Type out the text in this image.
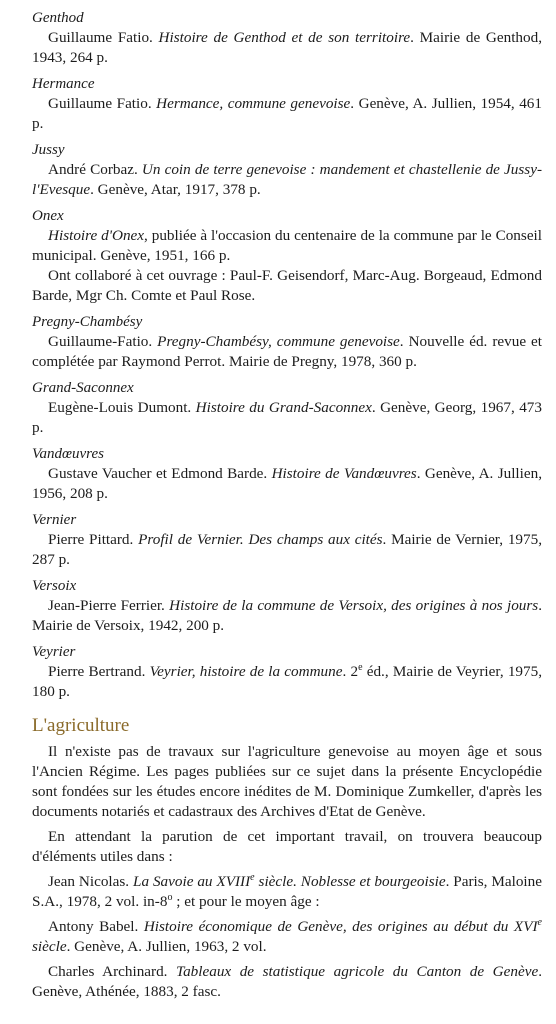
Genthod

Guillaume Fatio. Histoire de Genthod et de son territoire. Mairie de Genthod, 1943, 264 p.

Hermance

Guillaume Fatio. Hermance, commune genevoise. Genève, A. Jullien, 1954, 461 p.

Jussy

André Corbaz. Un coin de terre genevoise : mandement et chastellenie de Jussy-l'Evesque. Genève, Atar, 1917, 378 p.

Onex

Histoire d'Onex, publiée à l'occasion du centenaire de la commune par le Conseil municipal. Genève, 1951, 166 p.

Ont collaboré à cet ouvrage : Paul-F. Geisendorf, Marc-Aug. Borgeaud, Edmond Barde, Mgr Ch. Comte et Paul Rose.

Pregny-Chambésy

Guillaume-Fatio. Pregny-Chambésy, commune genevoise. Nouvelle éd. revue et complétée par Raymond Perrot. Mairie de Pregny, 1978, 360 p.

Grand-Saconnex

Eugène-Louis Dumont. Histoire du Grand-Saconnex. Genève, Georg, 1967, 473 p.

Vandœuvres

Gustave Vaucher et Edmond Barde. Histoire de Vandœuvres. Genève, A. Jullien, 1956, 208 p.

Vernier

Pierre Pittard. Profil de Vernier. Des champs aux cités. Mairie de Vernier, 1975, 287 p.

Versoix

Jean-Pierre Ferrier. Histoire de la commune de Versoix, des origines à nos jours. Mairie de Versoix, 1942, 200 p.

Veyrier

Pierre Bertrand. Veyrier, histoire de la commune. 2e éd., Mairie de Veyrier, 1975, 180 p.

L'agriculture

Il n'existe pas de travaux sur l'agriculture genevoise au moyen âge et sous l'Ancien Régime. Les pages publiées sur ce sujet dans la présente Encyclopédie sont fondées sur les études encore inédites de M. Dominique Zumkeller, d'après les documents notariés et cadastraux des Archives d'Etat de Genève.

En attendant la parution de cet important travail, on trouvera beaucoup d'éléments utiles dans :

Jean Nicolas. La Savoie au XVIIIe siècle. Noblesse et bourgeoisie. Paris, Maloine S.A., 1978, 2 vol. in-8$^o$ ; et pour le moyen âge :

Antony Babel. Histoire économique de Genève, des origines au début du XVIe siècle. Genève, A. Jullien, 1963, 2 vol.

Charles Archinard. Tableaux de statistique agricole du Canton de Genève. Genève, Athénée, 1883, 2 fasc.
